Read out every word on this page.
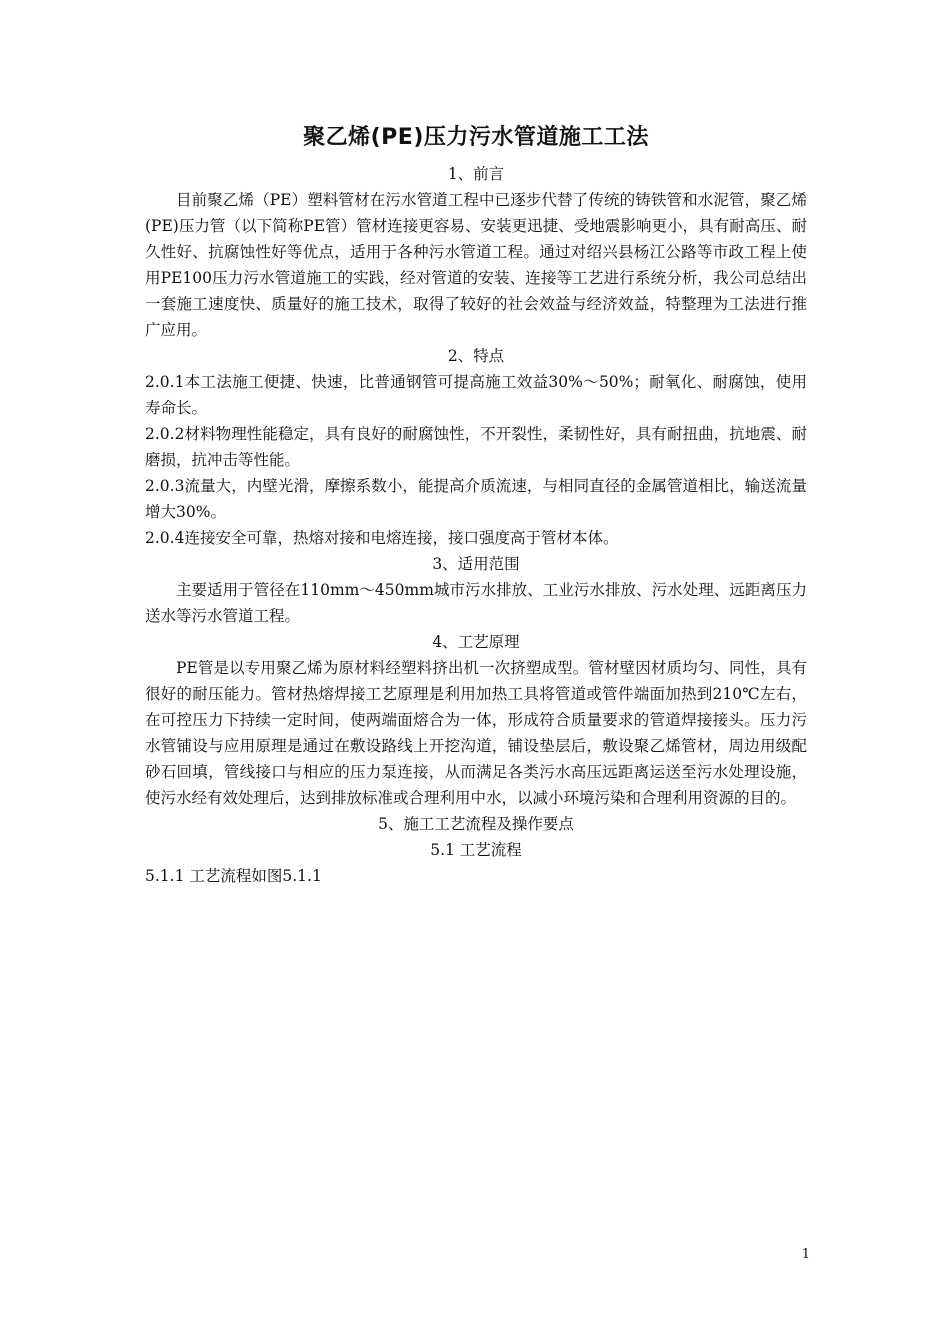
聚乙烯(PE)压力污水管道施工工法
1、前言

目前聚乙烯（PE）塑料管材在污水管道工程中已逐步代替了传统的铸铁管和水泥管，聚乙烯(PE)压力管（以下简称PE管）管材连接更容易、安装更迅捷、受地震影响更小，具有耐高压、耐久性好、抗腐蚀性好等优点，适用于各种污水管道工程。通过对绍兴县杨江公路等市政工程上使用PE100压力污水管道施工的实践，经对管道的安装、连接等工艺进行系统分析，我公司总结出一套施工速度快、质量好的施工技术，取得了较好的社会效益与经济效益，特整理为工法进行推广应用。

2、特点

2.0.1本工法施工便捷、快速，比普通钢管可提高施工效益30%～50%；耐氧化、耐腐蚀，使用寿命长。

2.0.2材料物理性能稳定，具有良好的耐腐蚀性，不开裂性，柔韧性好，具有耐扭曲，抗地震、耐磨损，抗冲击等性能。

2.0.3流量大，内壁光滑，摩擦系数小，能提高介质流速，与相同直径的金属管道相比，输送流量增大30%。

2.0.4连接安全可靠，热熔对接和电熔连接，接口强度高于管材本体。

3、适用范围

主要适用于管径在110mm～450mm城市污水排放、工业污水排放、污水处理、远距离压力送水等污水管道工程。

4、工艺原理

PE管是以专用聚乙烯为原材料经塑料挤出机一次挤塑成型。管材壁因材质均匀、同性，具有很好的耐压能力。管材热熔焊接工艺原理是利用加热工具将管道或管件端面加热到210℃左右，在可控压力下持续一定时间，使两端面熔合为一体，形成符合质量要求的管道焊接接头。压力污水管铺设与应用原理是通过在敷设路线上开挖沟道，铺设垫层后，敷设聚乙烯管材，周边用级配砂石回填，管线接口与相应的压力泵连接，从而满足各类污水高压远距离运送至污水处理设施，使污水经有效处理后，达到排放标准或合理利用中水，以减小环境污染和合理利用资源的目的。

5、施工工艺流程及操作要点
5.1 工艺流程

5.1.1 工艺流程如图5.1.1

1
